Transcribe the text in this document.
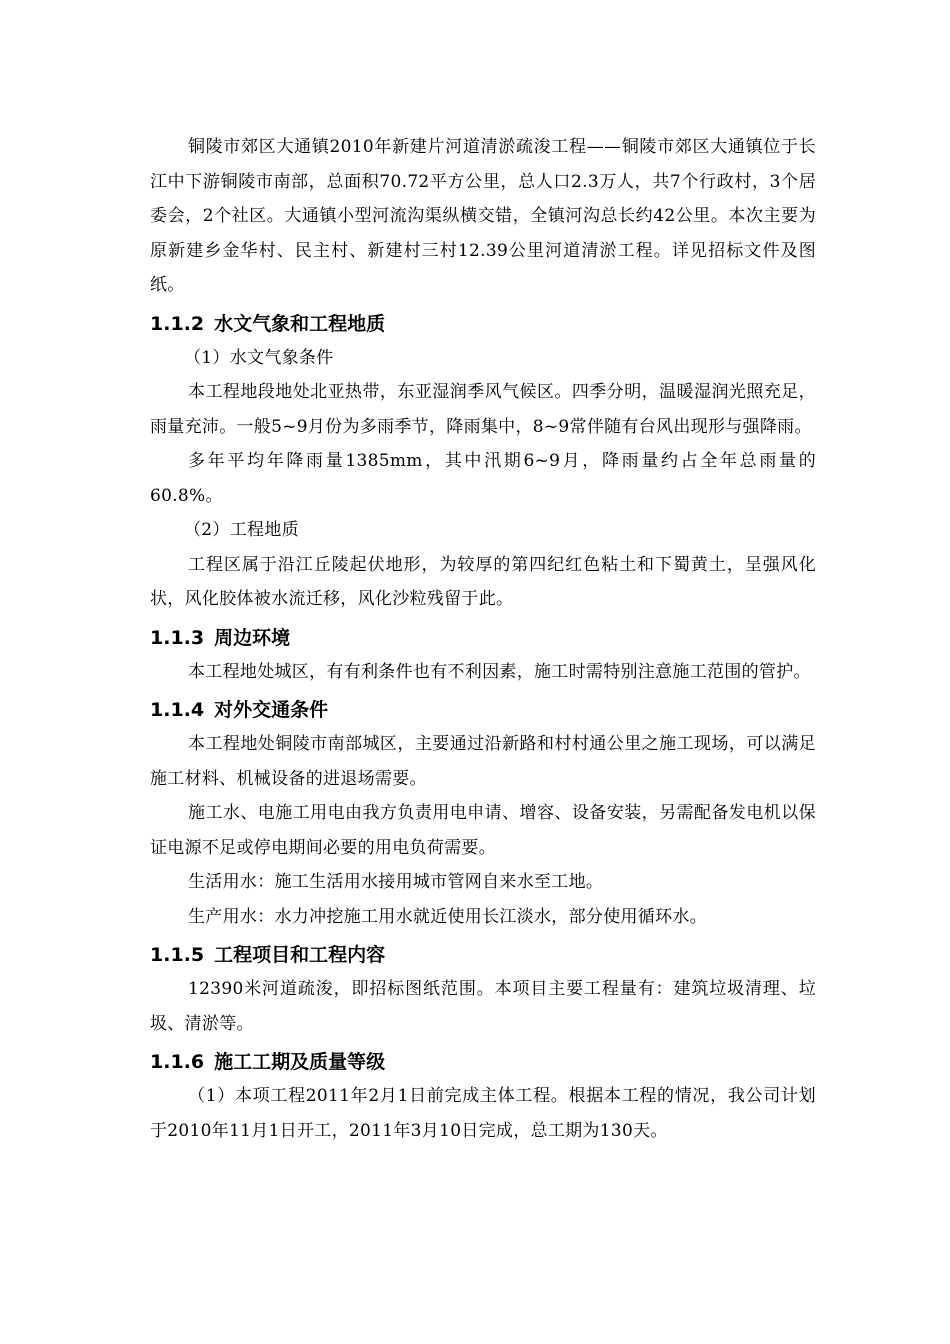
铜陵市郊区大通镇2010年新建片河道清淤疏浚工程——铜陵市郊区大通镇位于长江中下游铜陵市南部，总面积70.72平方公里，总人口2.3万人，共7个行政村，3个居委会，2个社区。大通镇小型河流沟渠纵横交错，全镇河沟总长约42公里。本次主要为原新建乡金华村、民主村、新建村三村12.39公里河道清淤工程。详见招标文件及图纸。

1.1.2 水文气象和工程地质

（1）水文气象条件

本工程地段地处北亚热带，东亚湿润季风气候区。四季分明，温暖湿润光照充足，雨量充沛。一般5~9月份为多雨季节，降雨集中，8~9常伴随有台风出现形与强降雨。

多年平均年降雨量1385mm，其中汛期6~9月，降雨量约占全年总雨量的60.8%。

（2）工程地质

工程区属于沿江丘陵起伏地形，为较厚的第四纪红色粘土和下蜀黄土，呈强风化状，风化胶体被水流迁移，风化沙粒残留于此。

1.1.3 周边环境

本工程地处城区，有有利条件也有不利因素，施工时需特别注意施工范围的管护。

1.1.4 对外交通条件

本工程地处铜陵市南部城区，主要通过沿新路和村村通公里之施工现场，可以满足施工材料、机械设备的进退场需要。

施工水、电施工用电由我方负责用电申请、增容、设备安装，另需配备发电机以保证电源不足或停电期间必要的用电负荷需要。

生活用水：施工生活用水接用城市管网自来水至工地。

生产用水：水力冲挖施工用水就近使用长江淡水，部分使用循环水。

1.1.5 工程项目和工程内容

12390米河道疏浚，即招标图纸范围。本项目主要工程量有：建筑垃圾清理、垃圾、清淤等。

1.1.6 施工工期及质量等级

（1）本项工程2011年2月1日前完成主体工程。根据本工程的情况，我公司计划于2010年11月1日开工，2011年3月10日完成，总工期为130天。
